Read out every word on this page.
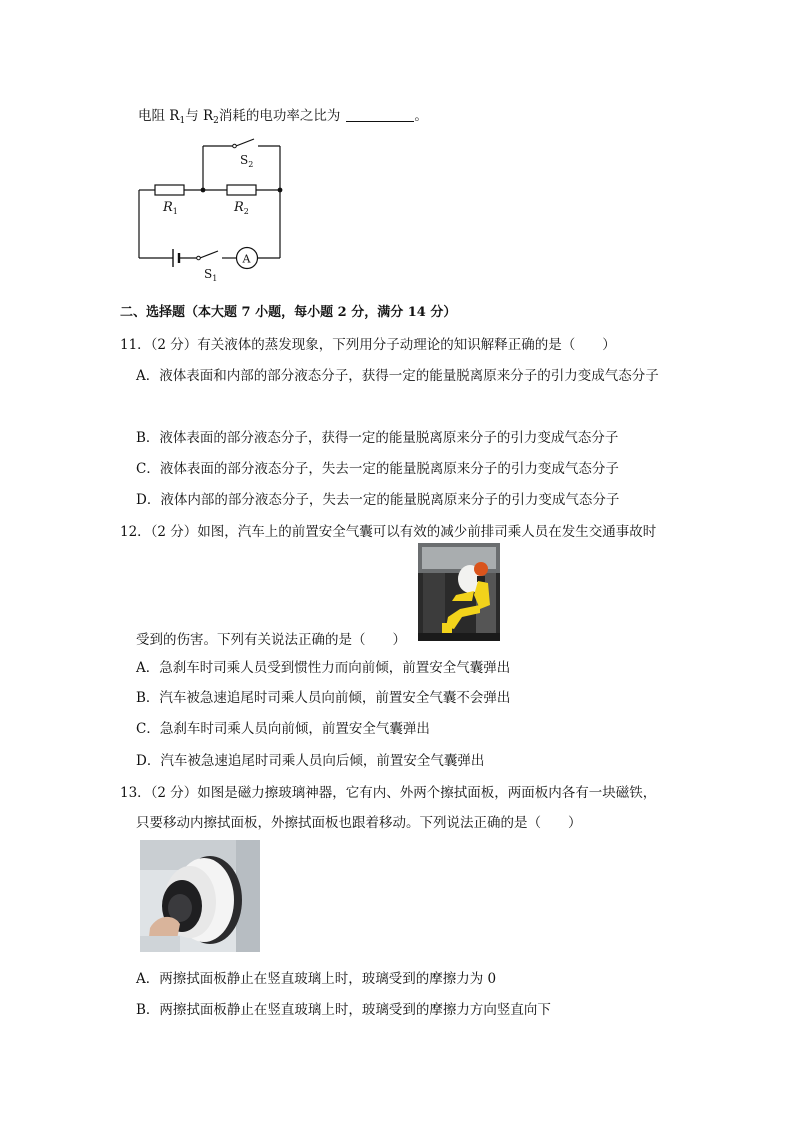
电阻 $R_1$与 $R_2$消耗的电功率之比为	。
$S_2$
$R_1$	$R_2$
$S_1$
A
二、选择题（本大题 7 小题，每小题 2 分，满分 14 分）
11．（2 分）有关液体的蒸发现象，下列用分子动理论的知识解释正确的是（　　）
A．液体表面和内部的部分液态分子，获得一定的能量脱离原来分子的引力变成气态分子
B．液体表面的部分液态分子，获得一定的能量脱离原来分子的引力变成气态分子
C．液体表面的部分液态分子，失去一定的能量脱离原来分子的引力变成气态分子
D．液体内部的部分液态分子，失去一定的能量脱离原来分子的引力变成气态分子
12．（2 分）如图，汽车上的前置安全气囊可以有效的减少前排司乘人员在发生交通事故时
受到的伤害。下列有关说法正确的是（　　）
A．急刹车时司乘人员受到惯性力而向前倾，前置安全气囊弹出
B．汽车被急速追尾时司乘人员向前倾，前置安全气囊不会弹出
C．急刹车时司乘人员向前倾，前置安全气囊弹出
D．汽车被急速追尾时司乘人员向后倾，前置安全气囊弹出
13．（2 分）如图是磁力擦玻璃神器，它有内、外两个擦拭面板，两面板内各有一块磁铁，
只要移动内擦拭面板，外擦拭面板也跟着移动。下列说法正确的是（　　）
A．两擦拭面板静止在竖直玻璃上时，玻璃受到的摩擦力为 0
B．两擦拭面板静止在竖直玻璃上时，玻璃受到的摩擦力方向竖直向下
